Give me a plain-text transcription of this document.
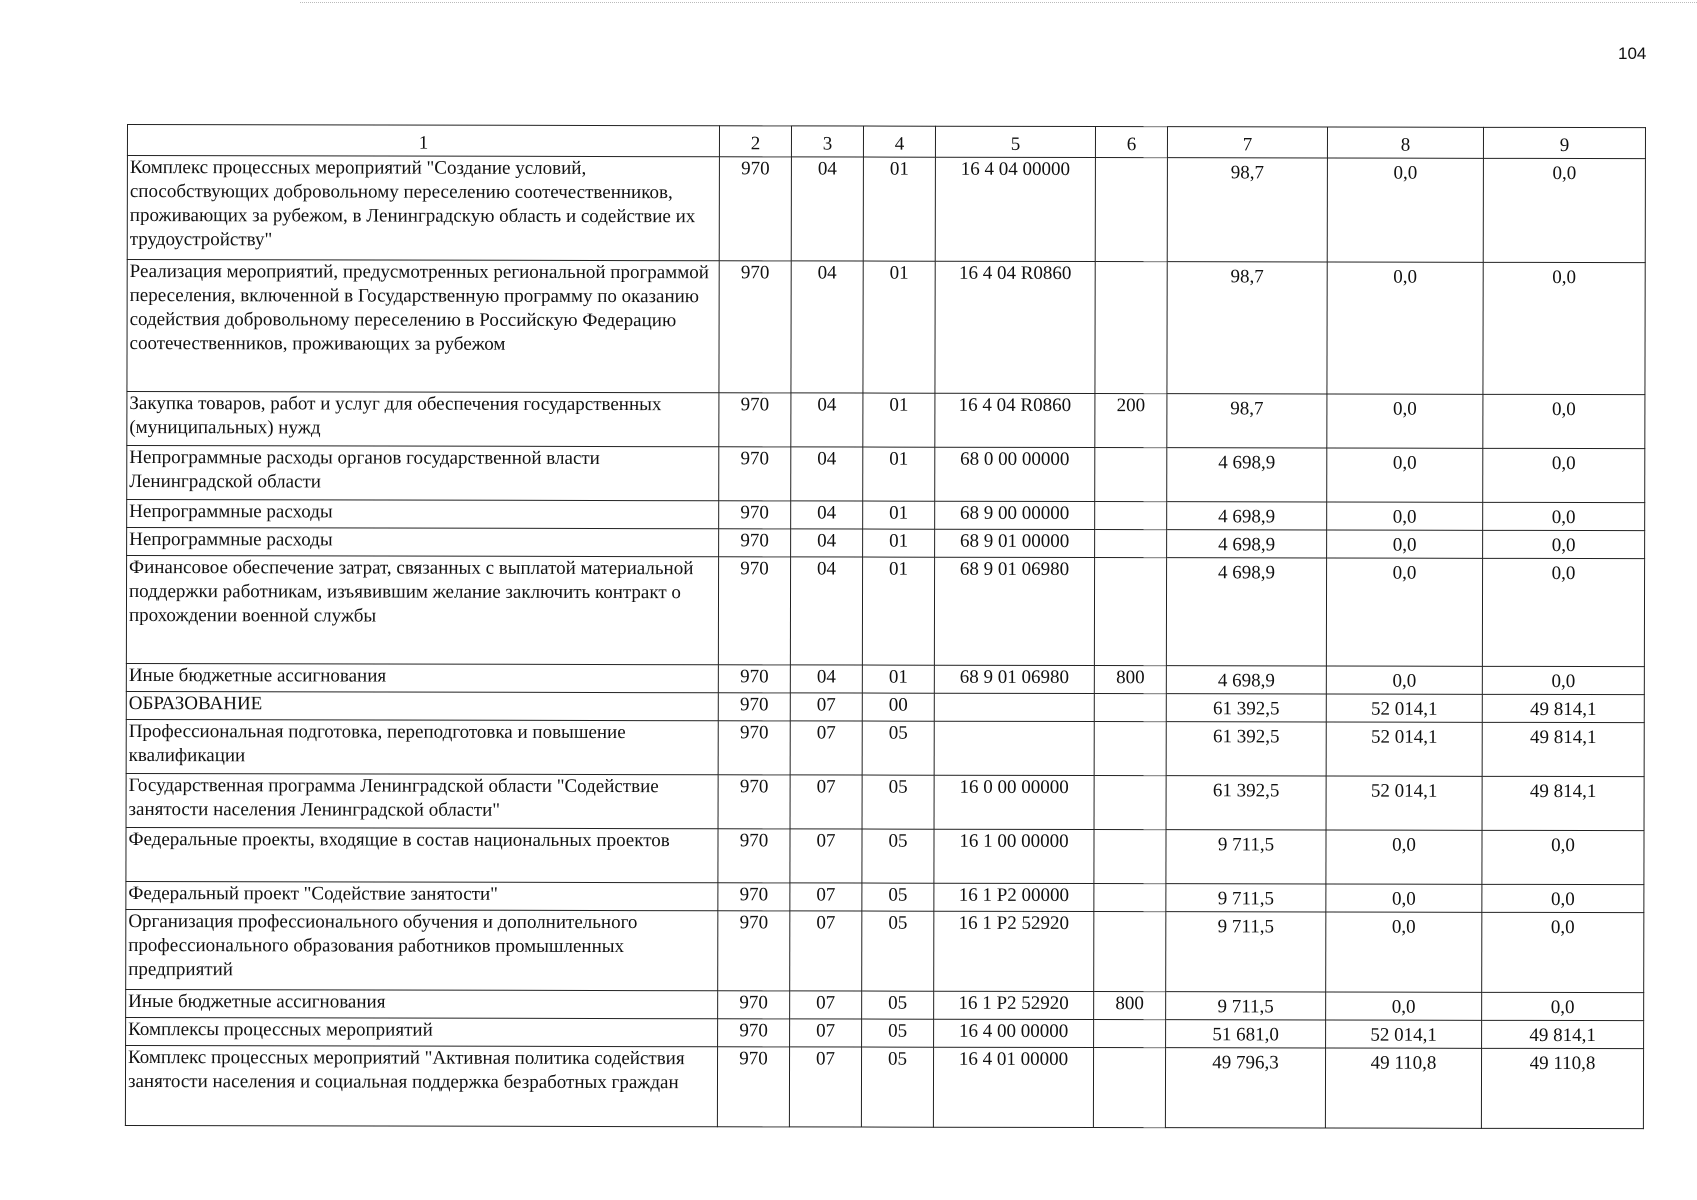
104
1	2	3	4	5	6	7	8	9
Комплекс процессных мероприятий "Создание условий, способствующих добровольному переселению соотечественников, проживающих за рубежом, в Ленинградскую область и содействие их трудоустройству"	970	04	01	16 4 04 00000		98,7	0,0	0,0
Реализация мероприятий, предусмотренных региональной программой переселения, включенной в Государственную программу по оказанию содействия добровольному переселению в Российскую Федерацию соотечественников, проживающих за рубежом	970	04	01	16 4 04 R0860		98,7	0,0	0,0
Закупка товаров, работ и услуг для обеспечения государственных (муниципальных) нужд	970	04	01	16 4 04 R0860	200	98,7	0,0	0,0
Непрограммные расходы органов государственной власти Ленинградской области	970	04	01	68 0 00 00000		4 698,9	0,0	0,0
Непрограммные расходы	970	04	01	68 9 00 00000		4 698,9	0,0	0,0
Непрограммные расходы	970	04	01	68 9 01 00000		4 698,9	0,0	0,0
Финансовое обеспечение затрат, связанных с выплатой материальной поддержки работникам, изъявившим желание заключить контракт о прохождении военной службы	970	04	01	68 9 01 06980		4 698,9	0,0	0,0
Иные бюджетные ассигнования	970	04	01	68 9 01 06980	800	4 698,9	0,0	0,0
ОБРАЗОВАНИЕ	970	07	00			61 392,5	52 014,1	49 814,1
Профессиональная подготовка, переподготовка и повышение квалификации	970	07	05			61 392,5	52 014,1	49 814,1
Государственная программа Ленинградской области "Содействие занятости населения Ленинградской области"	970	07	05	16 0 00 00000		61 392,5	52 014,1	49 814,1
Федеральные проекты, входящие в состав национальных проектов	970	07	05	16 1 00 00000		9 711,5	0,0	0,0
Федеральный проект "Содействие занятости"	970	07	05	16 1 P2 00000		9 711,5	0,0	0,0
Организация профессионального обучения и дополнительного профессионального образования работников промышленных предприятий	970	07	05	16 1 P2 52920		9 711,5	0,0	0,0
Иные бюджетные ассигнования	970	07	05	16 1 P2 52920	800	9 711,5	0,0	0,0
Комплексы процессных мероприятий	970	07	05	16 4 00 00000		51 681,0	52 014,1	49 814,1
Комплекс процессных мероприятий "Активная политика содействия занятости населения и социальная поддержка безработных граждан	970	07	05	16 4 01 00000		49 796,3	49 110,8	49 110,8
